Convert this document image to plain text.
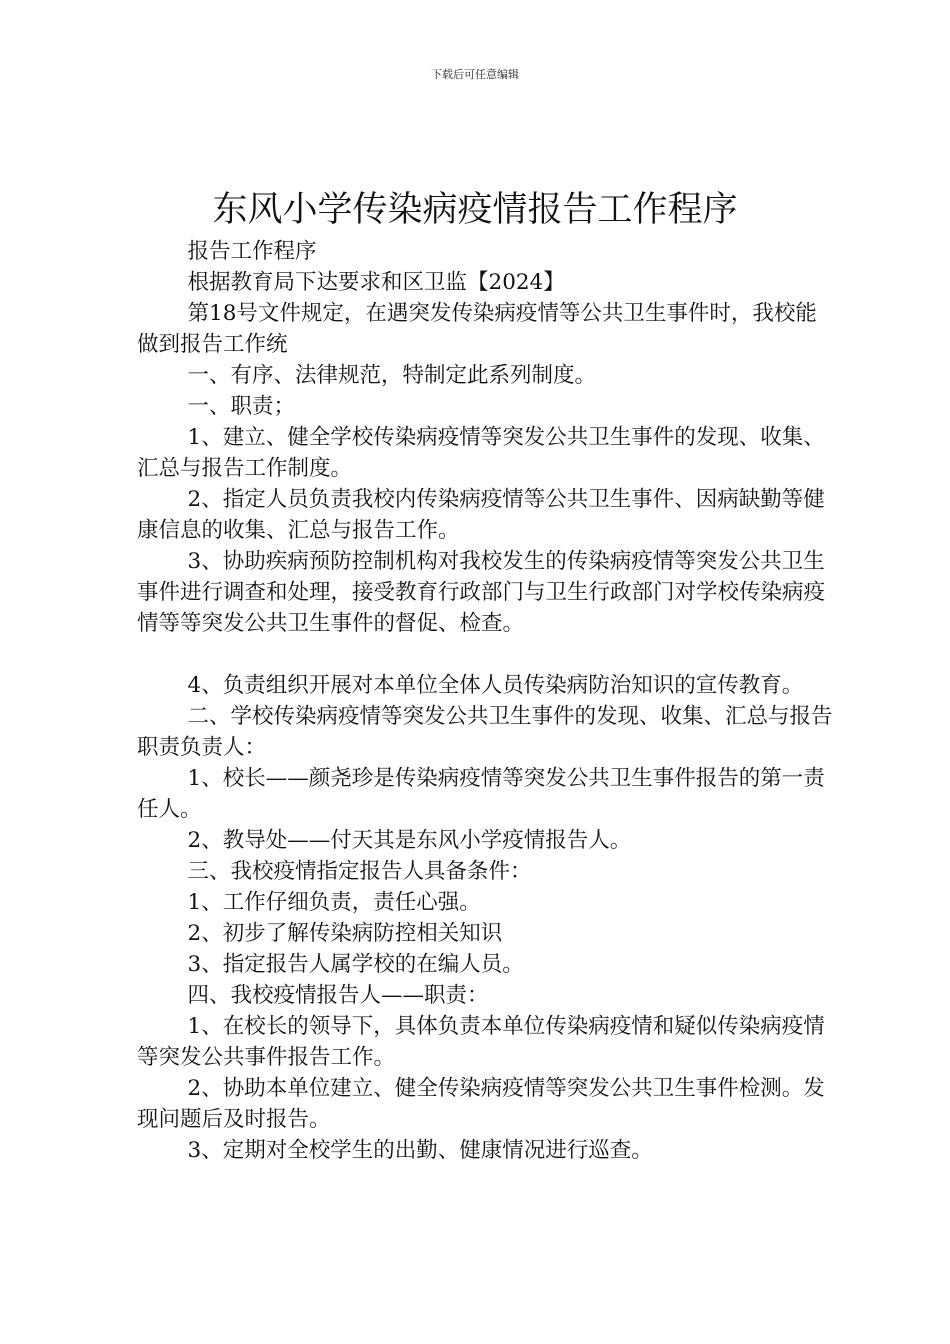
下载后可任意编辑
东风小学传染病疫情报告工作程序

报告工作程序

根据教育局下达要求和区卫监【2024】

第18号文件规定，在遇突发传染病疫情等公共卫生事件时，我校能做到报告工作统

一、有序、法律规范，特制定此系列制度。

一、职责；

1、建立、健全学校传染病疫情等突发公共卫生事件的发现、收集、汇总与报告工作制度。

2、指定人员负责我校内传染病疫情等公共卫生事件、因病缺勤等健康信息的收集、汇总与报告工作。

3、协助疾病预防控制机构对我校发生的传染病疫情等突发公共卫生事件进行调查和处理，接受教育行政部门与卫生行政部门对学校传染病疫情等等突发公共卫生事件的督促、检查。

4、负责组织开展对本单位全体人员传染病防治知识的宣传教育。

二、学校传染病疫情等突发公共卫生事件的发现、收集、汇总与报告职责负责人：

1、校长——颜尧珍是传染病疫情等突发公共卫生事件报告的第一责任人。

2、教导处——付天其是东风小学疫情报告人。

三、我校疫情指定报告人具备条件：

1、工作仔细负责，责任心强。

2、初步了解传染病防控相关知识

3、指定报告人属学校的在编人员。

四、我校疫情报告人——职责：

1、在校长的领导下，具体负责本单位传染病疫情和疑似传染病疫情等突发公共事件报告工作。

2、协助本单位建立、健全传染病疫情等突发公共卫生事件检测。发现问题后及时报告。

3、定期对全校学生的出勤、健康情况进行巡查。
